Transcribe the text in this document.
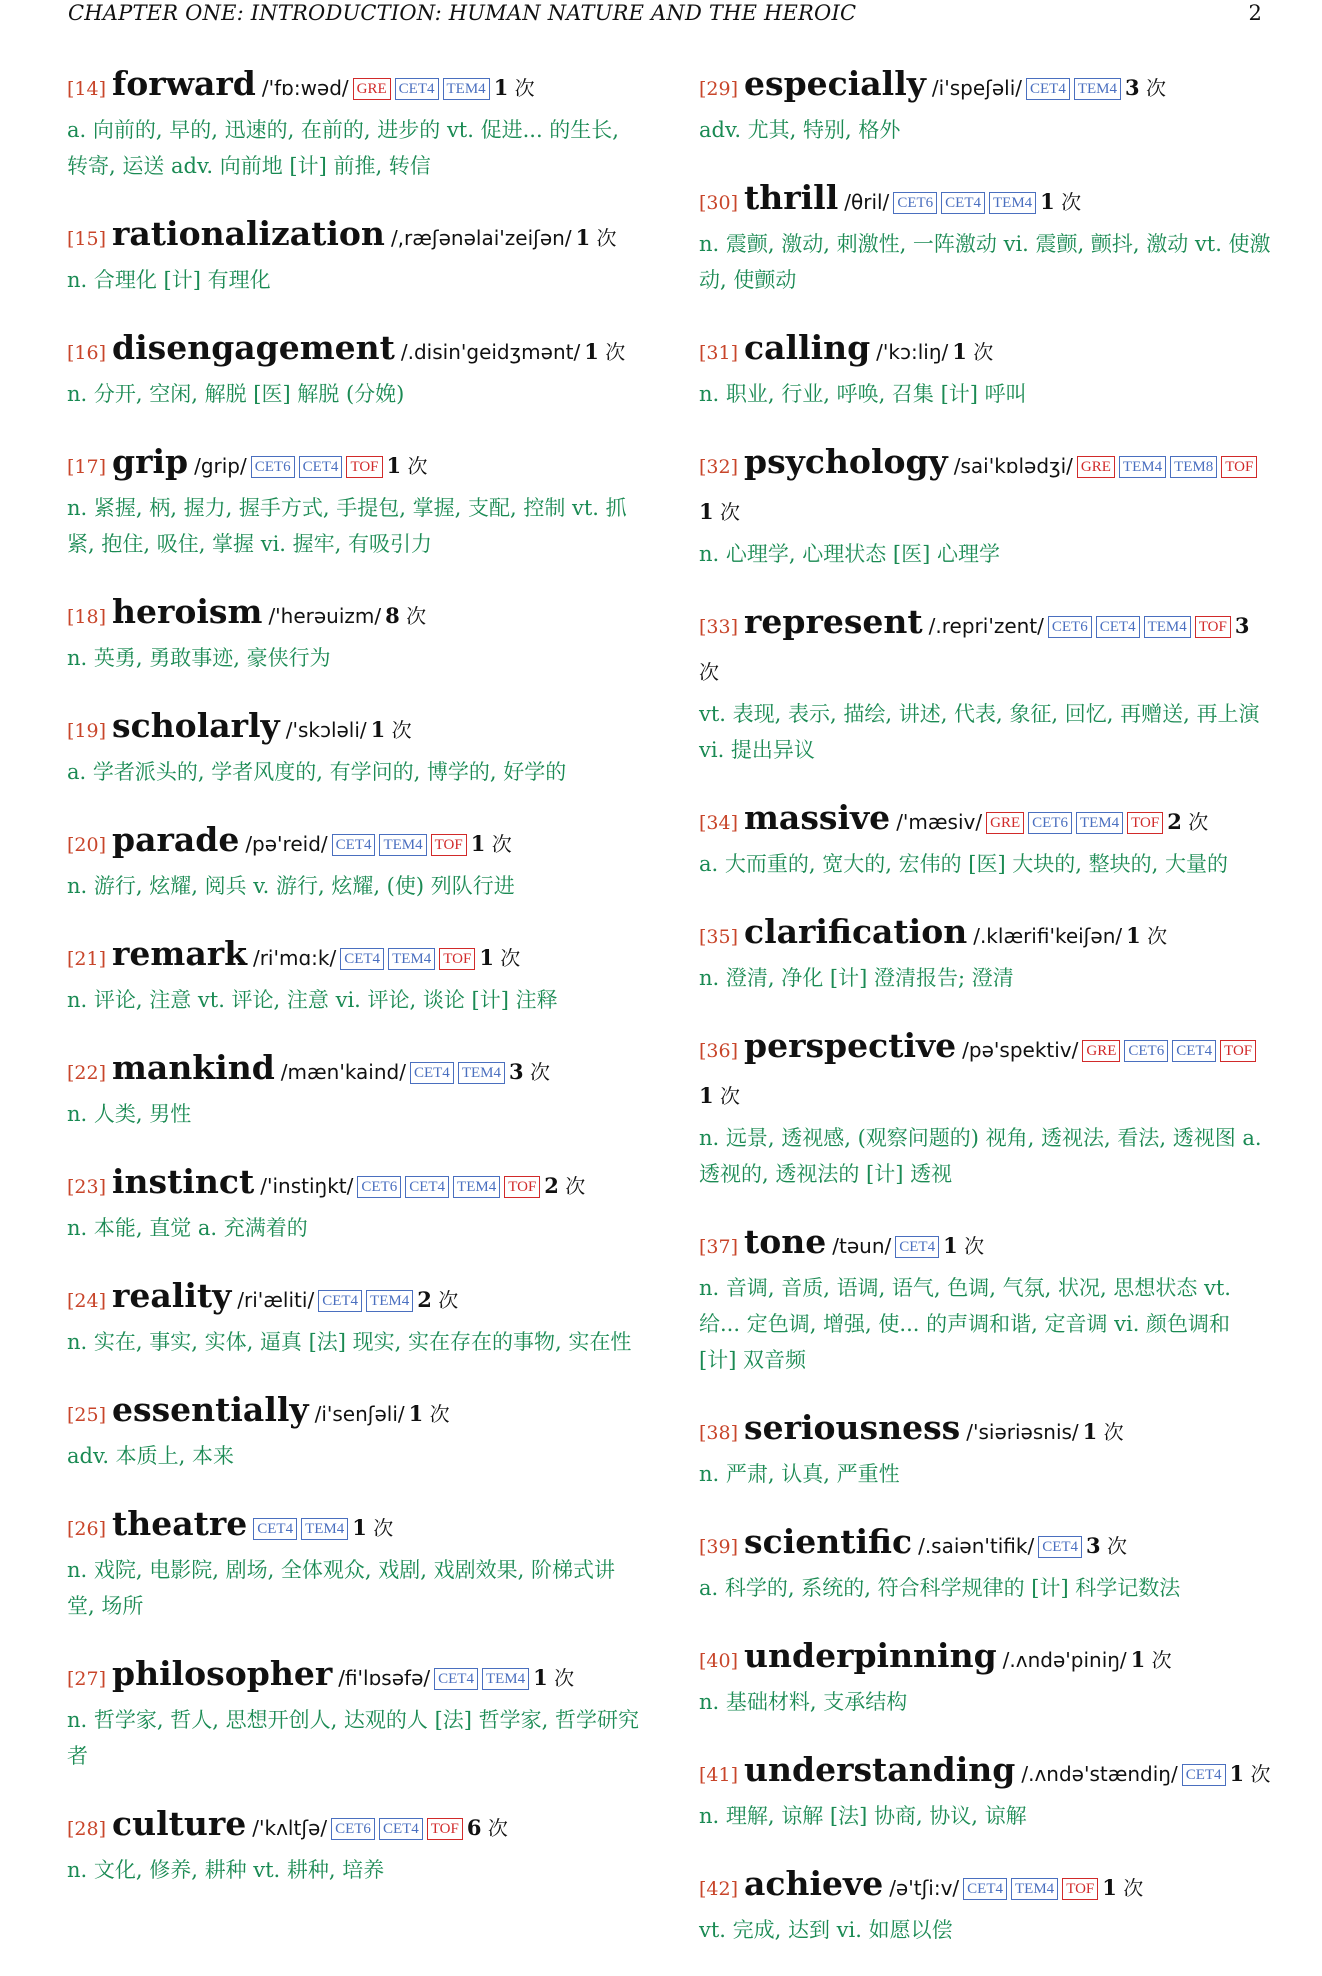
CHAPTER ONE: INTRODUCTION: HUMAN NATURE AND THE HEROIC	2
[14] forward /'fɒ:wəd/ GRE CET4 TEM4 1 次
a. 向前的, 早的, 迅速的, 在前的, 进步的 vt. 促进... 的生长, 转寄, 运送 adv. 向前地 [计] 前推, 转信
[15] rationalization /,ræʃənəlai'zeiʃən/ 1 次
n. 合理化 [计] 有理化
[16] disengagement /.disin'geidʒmənt/ 1 次
n. 分开, 空闲, 解脱 [医] 解脱 (分娩)
[17] grip /grip/ CET6 CET4 TOF 1 次
n. 紧握, 柄, 握力, 握手方式, 手提包, 掌握, 支配, 控制 vt. 抓紧, 抱住, 吸住, 掌握 vi. 握牢, 有吸引力
[18] heroism /'herəuizm/ 8 次
n. 英勇, 勇敢事迹, 豪侠行为
[19] scholarly /'skɔləli/ 1 次
a. 学者派头的, 学者风度的, 有学问的, 博学的, 好学的
[20] parade /pə'reid/ CET4 TEM4 TOF 1 次
n. 游行, 炫耀, 阅兵 v. 游行, 炫耀, (使) 列队行进
[21] remark /ri'mɑ:k/ CET4 TEM4 TOF 1 次
n. 评论, 注意 vt. 评论, 注意 vi. 评论, 谈论 [计] 注释
[22] mankind /mæn'kaind/ CET4 TEM4 3 次
n. 人类, 男性
[23] instinct /'instiŋkt/ CET6 CET4 TEM4 TOF 2 次
n. 本能, 直觉 a. 充满着的
[24] reality /ri'æliti/ CET4 TEM4 2 次
n. 实在, 事实, 实体, 逼真 [法] 现实, 实在存在的事物, 实在性
[25] essentially /i'senʃəli/ 1 次
adv. 本质上, 本来
[26] theatre CET4 TEM4 1 次
n. 戏院, 电影院, 剧场, 全体观众, 戏剧, 戏剧效果, 阶梯式讲堂, 场所
[27] philosopher /fi'lɒsəfə/ CET4 TEM4 1 次
n. 哲学家, 哲人, 思想开创人, 达观的人 [法] 哲学家, 哲学研究者
[28] culture /'kʌltʃə/ CET6 CET4 TOF 6 次
n. 文化, 修养, 耕种 vt. 耕种, 培养
[29] especially /i'speʃəli/ CET4 TEM4 3 次
adv. 尤其, 特别, 格外
[30] thrill /θril/ CET6 CET4 TEM4 1 次
n. 震颤, 激动, 刺激性, 一阵激动 vi. 震颤, 颤抖, 激动 vt. 使激动, 使颤动
[31] calling /'kɔ:liŋ/ 1 次
n. 职业, 行业, 呼唤, 召集 [计] 呼叫
[32] psychology /sai'kɒlədʒi/ GRE TEM4 TEM8 TOF1 次
n. 心理学, 心理状态 [医] 心理学
[33] represent /.repri'zent/ CET6 CET4 TEM4 TOF 3 次
vt. 表现, 表示, 描绘, 讲述, 代表, 象征, 回忆, 再赠送, 再上演 vi. 提出异议
[34] massive /'mæsiv/ GRE CET6 TEM4 TOF 2 次
a. 大而重的, 宽大的, 宏伟的 [医] 大块的, 整块的, 大量的
[35] clarification /.klærifi'keiʃən/ 1 次
n. 澄清, 净化 [计] 澄清报告; 澄清
[36] perspective /pə'spektiv/ GRE CET6 CET4 TOF1 次
n. 远景, 透视感, (观察问题的) 视角, 透视法, 看法, 透视图 a. 透视的, 透视法的 [计] 透视
[37] tone /təun/ CET4 1 次
n. 音调, 音质, 语调, 语气, 色调, 气氛, 状况, 思想状态 vt. 给... 定色调, 增强, 使... 的声调和谐, 定音调 vi. 颜色调和 [计] 双音频
[38] seriousness /'siəriəsnis/ 1 次
n. 严肃, 认真, 严重性
[39] scientific /.saiən'tifik/ CET4 3 次
a. 科学的, 系统的, 符合科学规律的 [计] 科学记数法
[40] underpinning /.ʌndə'piniŋ/ 1 次
n. 基础材料, 支承结构
[41] understanding /.ʌndə'stændiŋ/ CET4 1 次
n. 理解, 谅解 [法] 协商, 协议, 谅解
[42] achieve /ə'tʃi:v/ CET4 TEM4 TOF 1 次
vt. 完成, 达到 vi. 如愿以偿
